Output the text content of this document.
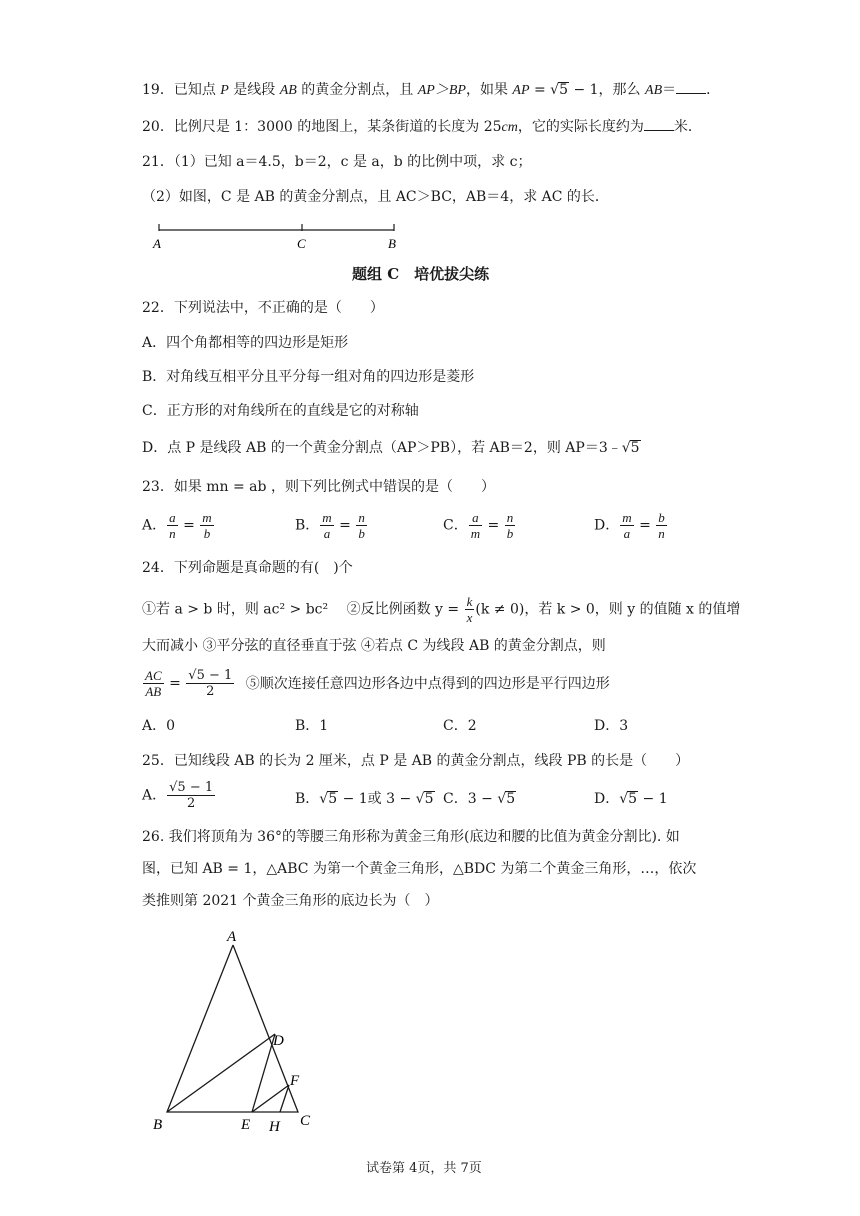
19．已知点 P 是线段 AB 的黄金分割点，且 AP＞BP，如果 AP = √5 − 1，那么 AB＝ ．
20．比例尺是 1：3000 的地图上，某条街道的长度为 25cm，它的实际长度约为 米．
21．（1）已知 a＝4.5，b＝2，c 是 a，b 的比例中项，求 c；
（2）如图，C 是 AB 的黄金分割点，且 AC＞BC，AB＝4，求 AC 的长．
A	C	B
题组 C　培优拔尖练
22．下列说法中，不正确的是（　　）
A．四个角都相等的四边形是矩形
B．对角线互相平分且平分每一组对角的四边形是菱形
C．正方形的对角线所在的直线是它的对称轴
D．点 P 是线段 AB 的一个黄金分割点（AP＞PB），若 AB＝2，则 AP＝3﹣√5
23．如果 mn = ab ，则下列比例式中错误的是（　　）
A． $\frac{a}{n} = \frac{m}{b}$	B． $\frac{m}{a} = \frac{n}{b}$	C． $\frac{a}{m} = \frac{n}{b}$	D． $\frac{m}{a} = \frac{b}{n}$
24．下列命题是真命题的有(　)个
①若 a > b 时，则 ac² > bc²　 ②反比例函数 $y = \frac{k}{x} (k \ne 0)$，若 k > 0，则 y 的值随 x 的值增
大而减小 ③平分弦的直径垂直于弦 ④若点 C 为线段 AB 的黄金分割点，则
$\frac{AC}{AB} = \frac{√5 - 1}{2}$ ⑤顺次连接任意四边形各边中点得到的四边形是平行四边形
A．0	B．1	C．2	D．3
25．已知线段 AB 的长为 2 厘米，点 P 是 AB 的黄金分割点，线段 PB 的长是（　　）
A． $\frac{√5 - 1}{2}$	B．√5 − 1或 3 − √5 C．3 − √5	D．√5 − 1
26. 我们将顶角为 36°的等腰三角形称为黄金三角形(底边和腰的比值为黄金分割比). 如
图，已知 AB = 1，△ABC 为第一个黄金三角形，△BDC 为第二个黄金三角形，…，依次
类推则第 2021 个黄金三角形的底边长为（　）
A
B	C
D
E
F
H
试卷第 4页，共 7页
